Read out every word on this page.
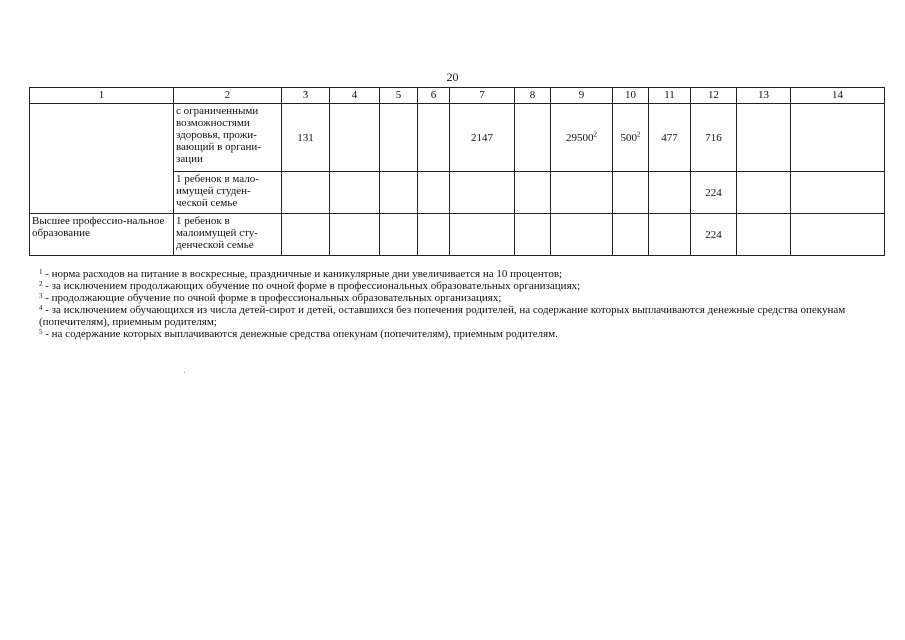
20
1	2	3	4	5	6	7	8	9	10	11	12	13	14
	с ограниченными возможностями здоровья, прожи-вающий в органи-зации	131				2147		29500$^2$	$500^2$	477	716		
	1 ребенок в мало-имущей студен-ческой семье										224		
Высшее профессио-нальное образование	1 ребенок в малоимущей сту-денческой семье										224		

$^1$ - норма расходов на питание в воскресные, праздничные и каникулярные дни увеличивается на 10 процентов;

$^2$ - за исключением продолжающих обучение по очной форме в профессиональных образовательных организациях;

$^3$ - продолжающие обучение по очной форме в профессиональных образовательных организациях;

$^4$ - за исключением обучающихся из числа детей-сирот и детей, оставшихся без попечения родителей, на содержание которых выплачиваются денежные средства опекунам (попечителям), приемным родителям;

$^5$ - на содержание которых выплачиваются денежные средства опекунам (попечителям), приемным родителям.
